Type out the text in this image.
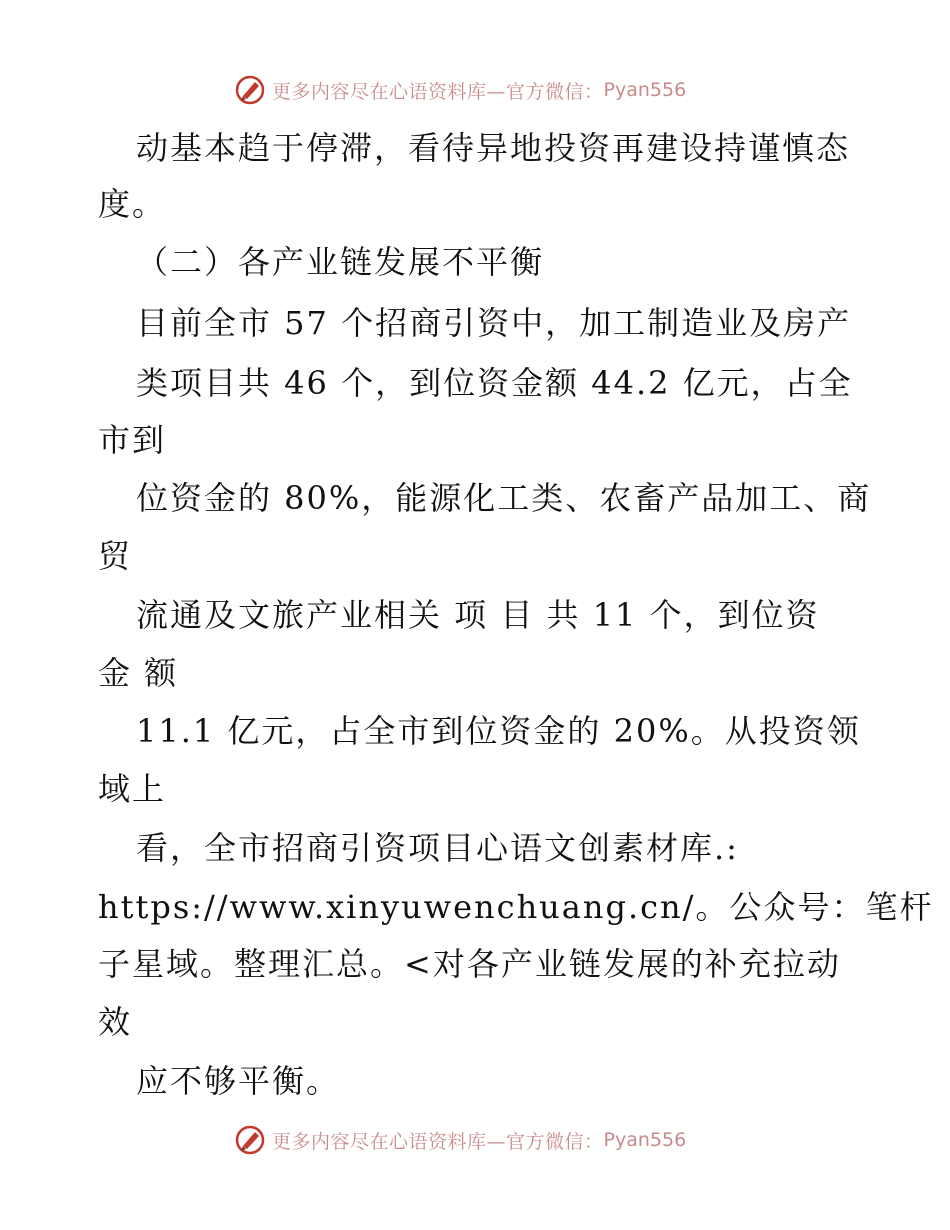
更多内容尽在心语资料库—官方微信： Pyan556
动基本趋于停滞，看待异地投资再建设持谨慎态
度。
（二）各产业链发展不平衡
目前全市 57 个招商引资中，加工制造业及房产
类项目共 46 个，到位资金额 44.2 亿元，占全
市到
位资金的 80%，能源化工类、农畜产品加工、商
贸
流通及文旅产业相关 项 目 共 11 个，到位资
金 额
11.1 亿元，占全市到位资金的 20%。从投资领
域上
看，全市招商引资项目心语文创素材库.:
https://www.xinyuwenchuang.cn/。公众号：笔杆
子星域。整理汇总。<对各产业链发展的补充拉动
效
应不够平衡。
更多内容尽在心语资料库—官方微信： Pyan556
